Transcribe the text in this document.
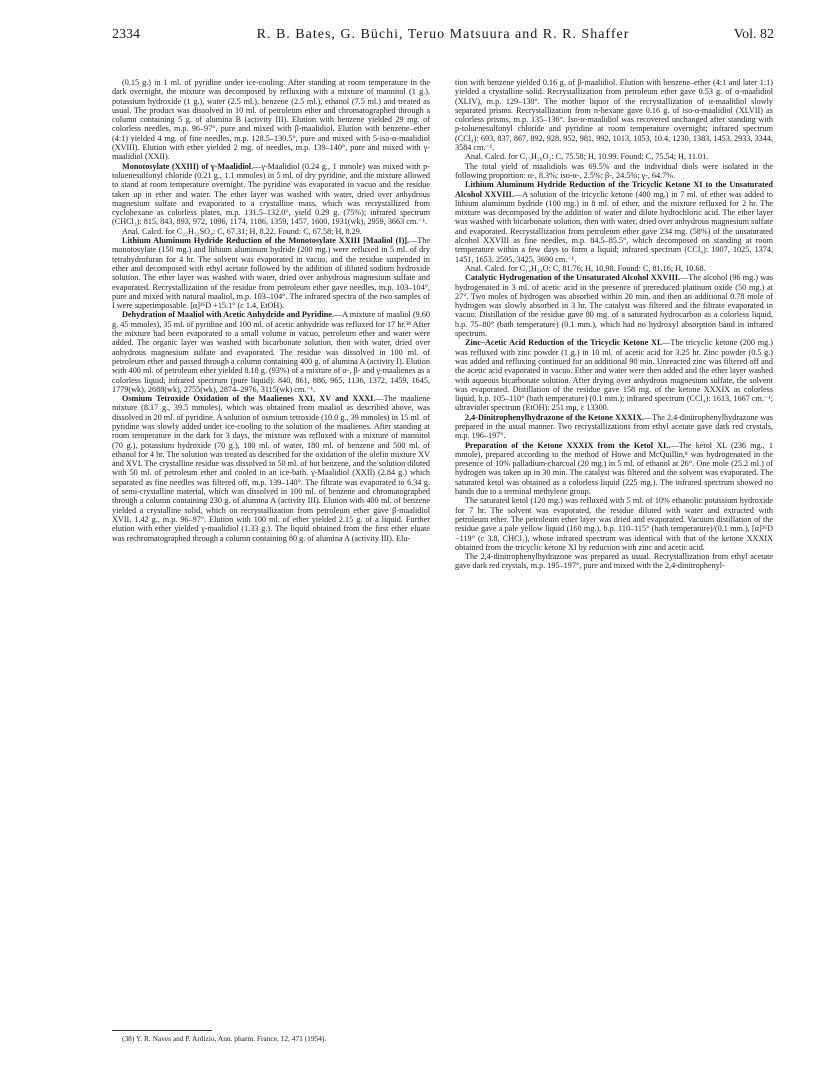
2334	R. B. Bates, G. Büchi, Teruo Matsuura and R. R. Shaffer	Vol. 82

(0.15 g.) in 1 ml. of pyridine under ice-cooling. After standing at room temperature in the dark overnight, the mixture was decomposed by refluxing with a mixture of mannitol (1 g.), potassium hydroxide (1 g.), water (2.5 ml.), benzene (2.5 ml.), ethanol (7.5 ml.) and treated as usual. The product was dissolved in 10 ml. of petroleum ether and chromatographed through a column containing 5 g. of alumina B (activity III). Elution with benzene yielded 29 mg. of colorless needles, m.p. 96–97°, pure and mixed with β-maalidiol. Elution with benzene–ether (4:1) yielded 4 mg. of fine needles, m.p. 128.5–130.5°, pure and mixed with 5-iso-α-maalidiol (XVIII). Elution with ether yielded 2 mg. of needles, m.p. 139–140°, pure and mixed with γ-maalidiol (XXII).

Monotosylate (XXIII) of γ-Maalidiol.—γ-Maalidiol (0.24 g., 1 mmole) was mixed with p-toluenesulfonyl chloride (0.21 g., 1.1 mmoles) in 5 ml. of dry pyridine, and the mixture allowed to stand at room temperature overnight. The pyridine was evaporated in vacuo and the residue taken up in ether and water. The ether layer was washed with water, dried over anhydrous magnesium sulfate and evaporated to a crystalline mass, which was recrystallized from cyclohexane as colorless plates, m.p. 131.5–132.0°, yield 0.29 g. (75%); infrared spectrum (CHCl₃): 815, 843, 893, 972, 1096, 1174, 1186, 1359, 1457, 1600, 1931(wk), 2959, 3663 cm.⁻¹.

Anal. Calcd. for C₂₂H₃₂SO₄: C, 67.31; H, 8.22. Found: C, 67.58; H, 8.29.

Lithium Aluminum Hydride Reduction of the Monotosylate XXIII [Maaliol (I)].—The monotosylate (150 mg.) and lithium aluminum hydride (200 mg.) were refluxed in 5 ml. of dry tetrahydrofuran for 4 hr. The solvent was evaporated in vacuo, and the residue suspended in ether and decomposed with ethyl acetate followed by the addition of diluted sodium hydroxide solution. The ether layer was washed with water, dried over anhydrous magnesium sulfate and evaporated. Recrystallization of the residue from petroleum ether gave needles, m.p. 103–104°, pure and mixed with natural maaliol, m.p. 103–104°. The infrared spectra of the two samples of I were superimposable. [α]²⁶D +15.1° (c 1.4, EtOH).

Dehydration of Maaliol with Acetic Anhydride and Pyridine.—A mixture of maaliol (9.60 g. 45 mmoles), 35 ml. of pyridine and 100 ml. of acetic anhydride was refluxed for 17 hr.³⁸ After the mixture had been evaporated to a small volume in vacuo, petroleum ether and water were added. The organic layer was washed with bicarbonate solution, then with water, dried over anhydrous magnesium sulfate and evaporated. The residue was dissolved in 100 ml. of petroleum ether and passed through a column containing 400 g. of alumina A (activity I). Elution with 400 ml. of petroleum ether yielded 8.18 g. (93%) of a mixture of α-, β- and γ-maalienes as a colorless liquid; infrared spectrum (pure liquid): 840, 861, 886, 965, 1136, 1372, 1459, 1645, 1779(wk), 2688(wk), 2755(wk), 2874–2976, 3115(wk) cm.⁻¹.

Osmium Tetroxide Oxidation of the Maalienes XXI, XV and XXXI.—The maaliene mixture (8.17 g., 39.5 mmoles), which was obtained from maaliol as described above, was dissolved in 20 ml. of pyridine. A solution of osmium tetroxide (10.0 g., 39 mmoles) in 15 ml. of pyridine was slowly added under ice-cooling to the solution of the maalienes. After standing at room temperature in the dark for 3 days, the mixture was refluxed with a mixture of mannitol (70 g.), potassium hydroxide (70 g.), 180 ml. of water, 180 ml. of benzene and 500 ml. of ethanol for 4 hr. The solution was treated as described for the oxidation of the olefin mixture XV and XVI. The crystalline residue was dissolved in 50 ml. of hot benzene, and the solution diluted with 50 ml. of petroleum ether and cooled in an ice-bath. γ-Maalidiol (XXII) (2.84 g.) which separated as fine needles was filtered off, m.p. 139–140°. The filtrate was evaporated to 6.34 g. of semi-crystalline material, which was dissolved in 100 ml. of benzene and chromatographed through a column containing 230 g. of alumina A (activity III). Elution with 400 ml. of benzene yielded a crystalline solid, which on recrystallization from petroleum ether gave β-maalidiol XVII, 1.42 g., m.p. 96–97°. Elution with 100 ml. of ether yielded 2.15 g. of a liquid. Further elution with ether yielded γ-maalidiol (1.33 g.). The liquid obtained from the first ether eluate was rechromatographed through a column containing 80 g. of alumina A (activity III). Elu-

tion with benzene yielded 0.16 g. of β-maalidiol. Elution with benzene–ether (4:1 and later 1:1) yielded a crystalline solid. Recrystallization from petroleum ether gave 0.53 g. of α-maalidiol (XLIV), m.p. 129–130°. The mother liquor of the recrystallization of α-maalidiol slowly separated prisms. Recrystallization from n-hexane gave 0.16 g. of iso-α-maalidiol (XLVII) as colorless prisms, m.p. 135–136°. Iso-α-maalidiol was recovered unchanged after standing with p-toluenesulfonyl chloride and pyridine at room temperature overnight; infrared spectrum (CCl₄): 693, 837, 867, 892, 928, 952, 981, 992, 1013, 1053, 10.4, 1230, 1383, 1453, 2933, 3344, 3584 cm.⁻¹.

Anal. Calcd. for C₁₅H₂₆O₂: C, 75.58; H, 10.99. Found: C, 75.54; H, 11.01.

The total yield of maalidiols was 69.5% and the individual diols were isolated in the following proportion: α-, 8.3%; iso-α-, 2.5%; β-, 24.5%; γ-, 64.7%.

Lithium Aluminum Hydride Reduction of the Tricyclic Ketone XI to the Unsaturated Alcohol XXVIII.—A solution of the tricyclic ketone (400 mg.) in 7 ml. of ether was added to lithium aluminum hydride (100 mg.) in 8 ml. of ether, and the mixture refluxed for 2 hr. The mixture was decomposed by the addition of water and dilute hydrochloric acid. The ether layer was washed with bicarbonate solution, then with water, dried over anhydrous magnesium sulfate and evaporated. Recrystallization from petroleum ether gave 234 mg. (58%) of the unsaturated alcohol XXVIII as fine needles, m.p. 84.5–85.5°, which decomposed on standing at room temperature within a few days to form a liquid; infrared spectrum (CCl₄): 1007, 1025, 1374, 1451, 1653, 2595, 3425, 3690 cm.⁻¹.

Anal. Calcd. for C₁₄H₂₄O: C, 81.76; H, 10.98. Found: C, 81.16; H, 10.68.

Catalytic Hydrogenation of the Unsaturated Alcohol XXVIII.—The alcohol (96 mg.) was hydrogenated in 3 ml. of acetic acid in the presence of prereduced platinum oxide (50 mg.) at 27°. Two moles of hydrogen was absorbed within 20 min. and then an additional 0.78 mole of hydrogen was slowly absorbed in 3 hr. The catalyst was filtered and the filtrate evaporated in vacuo. Distillation of the residue gave 80 mg. of a saturated hydrocarbon as a colorless liquid, b.p. 75–80° (bath temperature) (0.1 mm.), which had no hydroxyl absorption band in infrared spectrum.

Zinc–Acetic Acid Reduction of the Tricyclic Ketone XI.—The tricyclic ketone (200 mg.) was refluxed with zinc powder (1 g.) in 10 ml. of acetic acid for 3.25 hr. Zinc powder (0.5 g.) was added and refluxing continued for an additional 90 min. Unreacted zinc was filtered off and the acetic acid evaporated in vacuo. Ether and water were then added and the ether layer washed with aqueous bicarbonate solution. After drying over anhydrous magnesium sulfate, the solvent was evaporated. Distillation of the residue gave 158 mg. of the ketone XXXIX as colorless liquid, b.p. 105–110° (bath temperature) (0.1 mm.); infrared spectrum (CCl₄): 1613, 1667 cm.⁻¹; ultraviolet spectrum (EtOH): 251 mμ, ε 13300.

2,4-Dinitrophenylhydrazone of the Ketone XXXIX.—The 2,4-dinitrophenylhydrazone was prepared in the usual manner. Two recrystallizations from ethyl acetate gave dark red crystals, m.p. 196–197°.

Preparation of the Ketone XXXIX from the Ketol XL.—The ketol XL (236 mg., 1 mmole), prepared according to the method of Howe and McQuillin,⁸ was hydrogenated in the presence of 10% palladium-charcoal (20 mg.) in 5 ml. of ethanol at 26°. One mole (25.2 ml.) of hydrogen was taken up in 30 min. The catalyst was filtered and the solvent was evaporated. The saturated ketol was obtained as a colorless liquid (225 mg.). The infrared spectrum showed no bands due to a terminal methylene group.

The saturated ketol (120 mg.) was refluxed with 5 ml. of 10% ethanolic potassium hydroxide for 7 hr. The solvent was evaporated, the residue diluted with water and extracted with petroleum ether. The petroleum ether layer was dried and evaporated. Vacuum distillation of the residue gave a pale yellow liquid (160 mg.), b.p. 110–115° (bath temperature)/(0.1 mm.), [α]²⁶D −119° (c 3.8, CHCl₃), whose infrared spectrum was identical with that of the ketone XXXIX obtained from the tricyclic ketone XI by reduction with zinc and acetic acid.

The 2,4-dinitrophenylhydrazone was prepared as usual. Recrystallization from ethyl acetate gave dark red crystals, m.p. 195–197°, pure and mixed with the 2,4-dinitrophenyl-

(38) Y. R. Naves and P. Ardizio, Ann. pharm. France, 12, 471 (1954).
